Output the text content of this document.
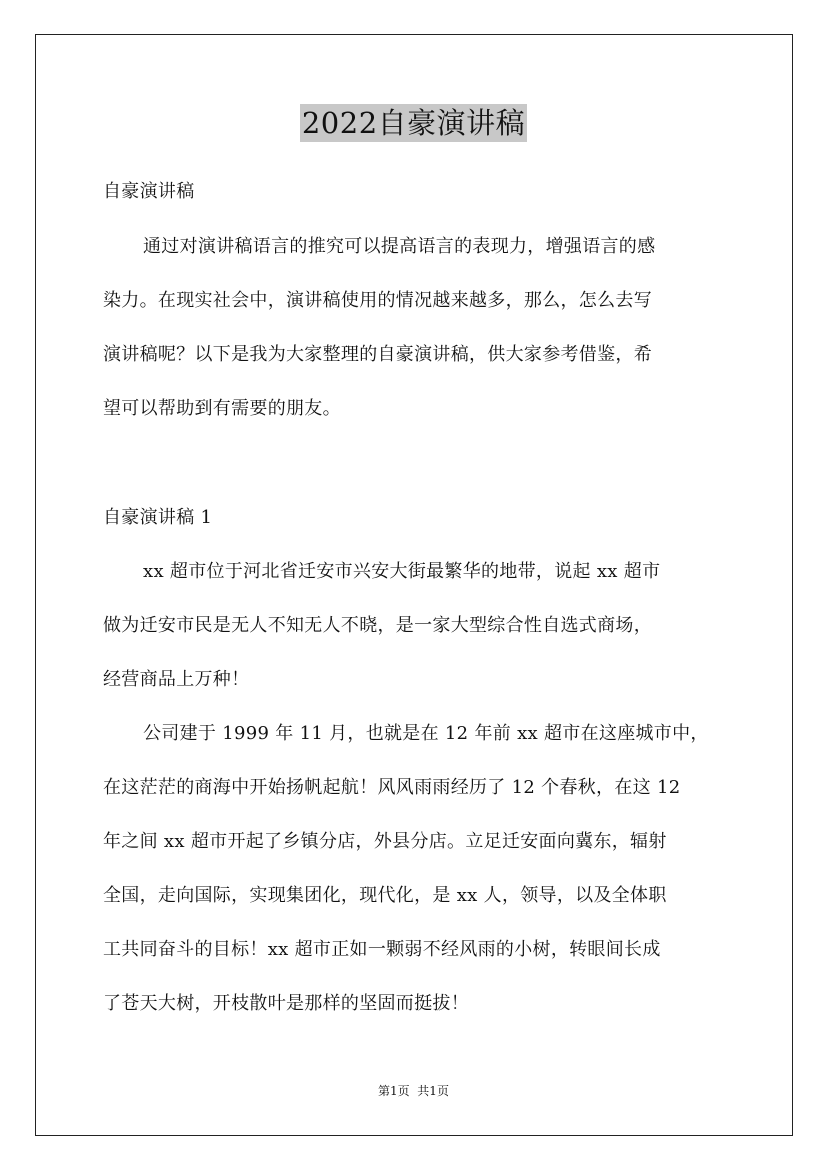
2022自豪演讲稿
自豪演讲稿
通过对演讲稿语言的推究可以提高语言的表现力，增强语言的感
染力。在现实社会中，演讲稿使用的情况越来越多，那么，怎么去写
演讲稿呢？以下是我为大家整理的自豪演讲稿，供大家参考借鉴，希
望可以帮助到有需要的朋友。
自豪演讲稿 1
xx 超市位于河北省迁安市兴安大街最繁华的地带，说起 xx 超市
做为迁安市民是无人不知无人不晓，是一家大型综合性自选式商场，
经营商品上万种！
公司建于 1999 年 11 月，也就是在 12 年前 xx 超市在这座城市中，
在这茫茫的商海中开始扬帆起航！风风雨雨经历了 12 个春秋，在这 12
年之间 xx 超市开起了乡镇分店，外县分店。立足迁安面向冀东，辐射
全国，走向国际，实现集团化，现代化，是 xx 人，领导，以及全体职
工共同奋斗的目标！xx 超市正如一颗弱不经风雨的小树，转眼间长成
了苍天大树，开枝散叶是那样的坚固而挺拔！
第1页  共1页
